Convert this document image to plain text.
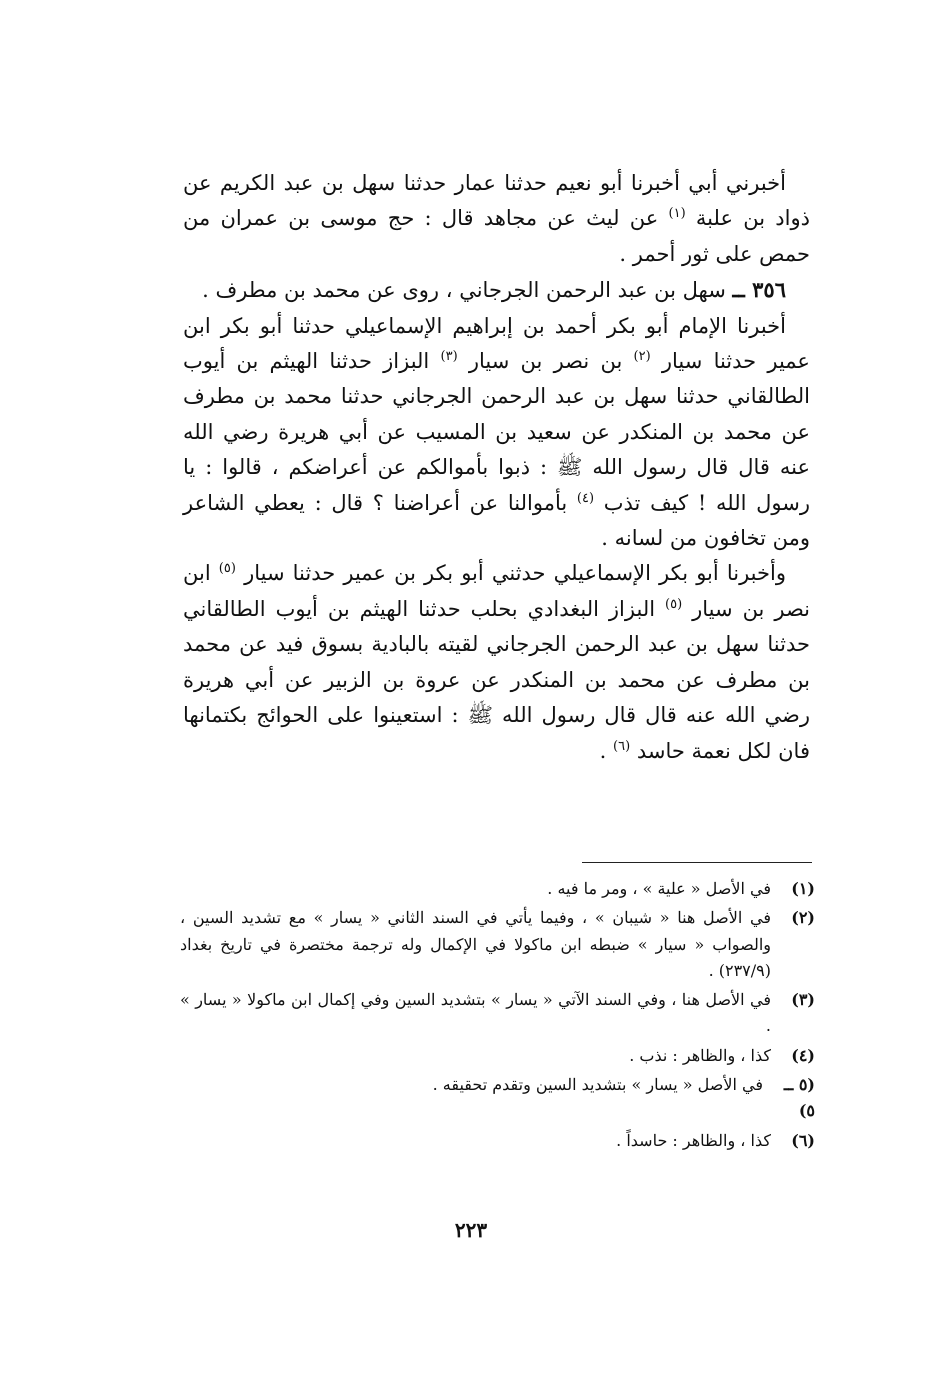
أخبرني أبي أخبرنا أبو نعيم حدثنا عمار حدثنا سهل بن عبد الكريم عن ذواد بن علبة $^{(١)}$ عن ليث عن مجاهد قال : حج موسى بن عمران من حمص على ثور أحمر .

٣٥٦ ــ سهل بن عبد الرحمن الجرجاني ، روى عن محمد بن مطرف .

أخبرنا الإمام أبو بكر أحمد بن إبراهيم الإسماعيلي حدثنا أبو بكر ابن عمير حدثنا سيار $^{(٢)}$ بن نصر بن سيار $^{(٣)}$ البزاز حدثنا الهيثم بن أيوب الطالقاني حدثنا سهل بن عبد الرحمن الجرجاني حدثنا محمد بن مطرف عن محمد بن المنكدر عن سعيد بن المسيب عن أبي هريرة رضي الله عنه قال قال رسول الله ﷺ : ذبوا بأموالكم عن أعراضكم ، قالوا : يا رسول الله ! كيف تذب $^{(٤)}$ بأموالنا عن أعراضنا ؟ قال : يعطي الشاعر ومن تخافون من لسانه .

وأخبرنا أبو بكر الإسماعيلي حدثني أبو بكر بن عمير حدثنا سيار $^{(٥)}$ ابن نصر بن سيار $^{(٥)}$ البزاز البغدادي بحلب حدثنا الهيثم بن أيوب الطالقاني حدثنا سهل بن عبد الرحمن الجرجاني لقيته بالبادية بسوق فيد عن محمد بن مطرف عن محمد بن المنكدر عن عروة بن الزبير عن أبي هريرة رضي الله عنه قال قال رسول الله ﷺ : استعينوا على الحوائج بكتمانها فان لكل نعمة حاسد $^{(٦)}$ .

(١)
في الأصل « علية » ، ومر ما فيه .
(٢)
في الأصل هنا « شيبان » ، وفيما يأتي في السند الثاني « يسار » مع تشديد السين ، والصواب « سيار » ضبطه ابن ماكولا في الإكمال وله ترجمة مختصرة في تاريخ بغداد (٢٣٧/٩) .
(٣)
في الأصل هنا ، وفي السند الآتي « يسار » بتشديد السين وفي إكمال ابن ماكولا « يسار » .
(٤)
كذا ، والظاهر : نذب .
(٥ ــ ٥)
في الأصل « يسار » بتشديد السين وتقدم تحقيقه .
(٦)
كذا ، والظاهر : حاسداً .
٢٢٣
